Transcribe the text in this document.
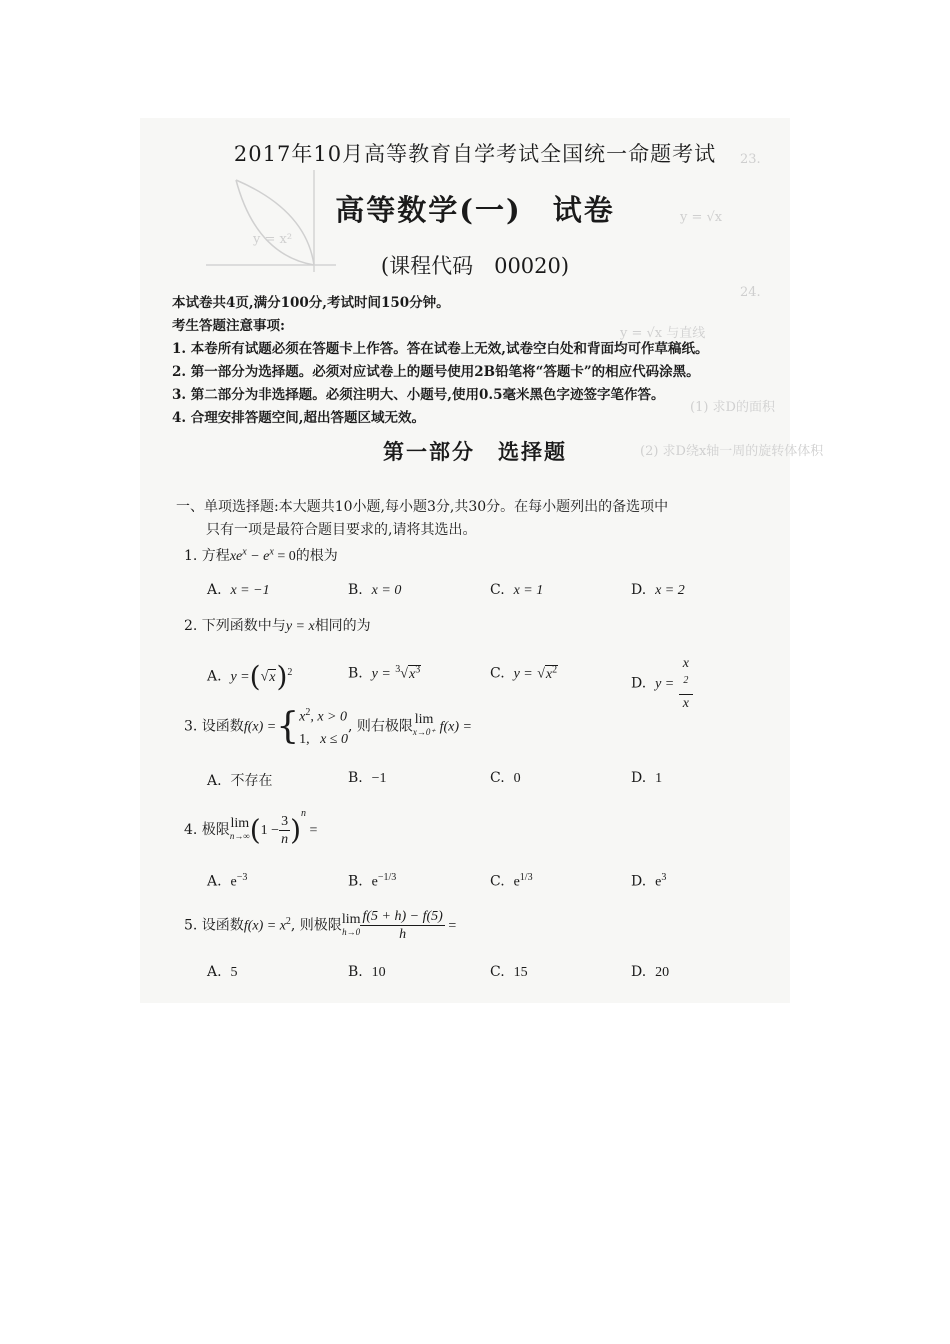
y = x²
23.
24.
y = √x
y = √x 与直线
(1) 求D的面积
(2) 求D绕x轴一周的旋转体体积
2017年10月高等教育自学考试全国统一命题考试
高等数学(一)　试卷
(课程代码　00020)
本试卷共4页,满分100分,考试时间150分钟。
考生答题注意事项:
1. 本卷所有试题必须在答题卡上作答。答在试卷上无效,试卷空白处和背面均可作草稿纸。
2. 第一部分为选择题。必须对应试卷上的题号使用2B铅笔将“答题卡”的相应代码涂黑。
3. 第二部分为非选择题。必须注明大、小题号,使用0.5毫米黑色字迹签字笔作答。
4. 合理安排答题空间,超出答题区域无效。
第一部分　选择题
一、单项选择题:本大题共10小题,每小题3分,共30分。在每小题列出的备选项中
只有一项是最符合题目要求的,请将其选出。
1. 方程$xe^x - e^x = 0$的根为
A. x = −1	B. x = 0	C. x = 1	D. x = 2
2. 下列函数中与y = x相同的为
A. $y =(√x)^2$	B. $y = ^3√x^3$	C. $y = √x^2$
D. y = x
$^2$
x
3. 设函数f(x) ={ $x^2$, x > 0
1, x ≤ 0
, 则右极限 lim
x→0⁺ f(x) =
A. 不存在	B. −1	C. 0	D. 1
4. 极限lim
n→∞ $(1 - \frac{3}{n} )^n$ =
A. $e^{-3}$	B. $e^{-1/3}$	C. $e^{1/3}$	D. $e^3$
5. 设函数$f(x) = x^2$, 则极限lim
$h\to 0 \frac{f(5 + h) - f(5)}{h}$ =
A. 5	B. 10	C. 15	D. 20
